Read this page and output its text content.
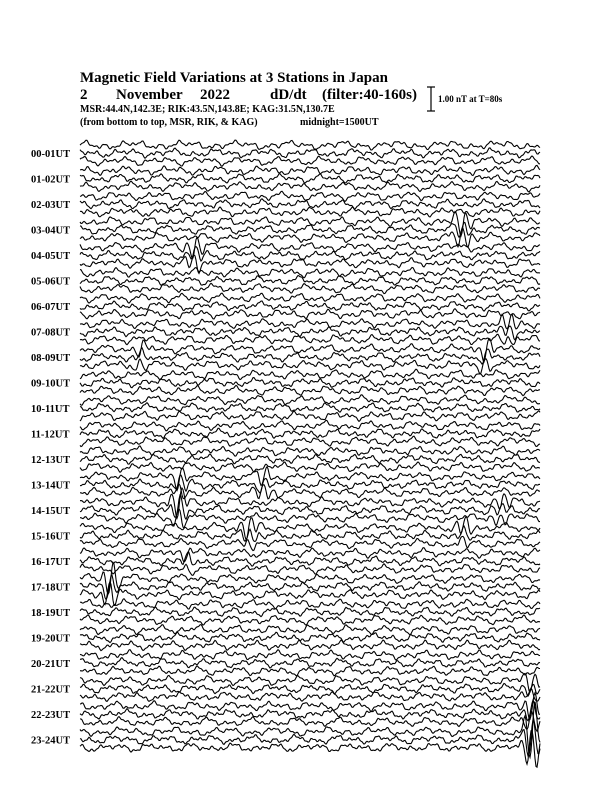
Magnetic Field Variations at 3 Stations in Japan
2 November 2022	dD/dt (filter:40-160s)
MSR:44.4N,142.3E; RIK:43.5N,143.8E; KAG:31.5N,130.7E
(from bottom to top, MSR, RIK, & KAG)	midnight=1500UT
1.00 nT at T=80s
00-01UT
01-02UT
02-03UT
03-04UT
04-05UT
05-06UT
06-07UT
07-08UT
08-09UT
09-10UT
10-11UT
11-12UT
12-13UT
13-14UT
14-15UT
15-16UT
16-17UT
17-18UT
18-19UT
19-20UT
20-21UT
21-22UT
22-23UT
23-24UT
